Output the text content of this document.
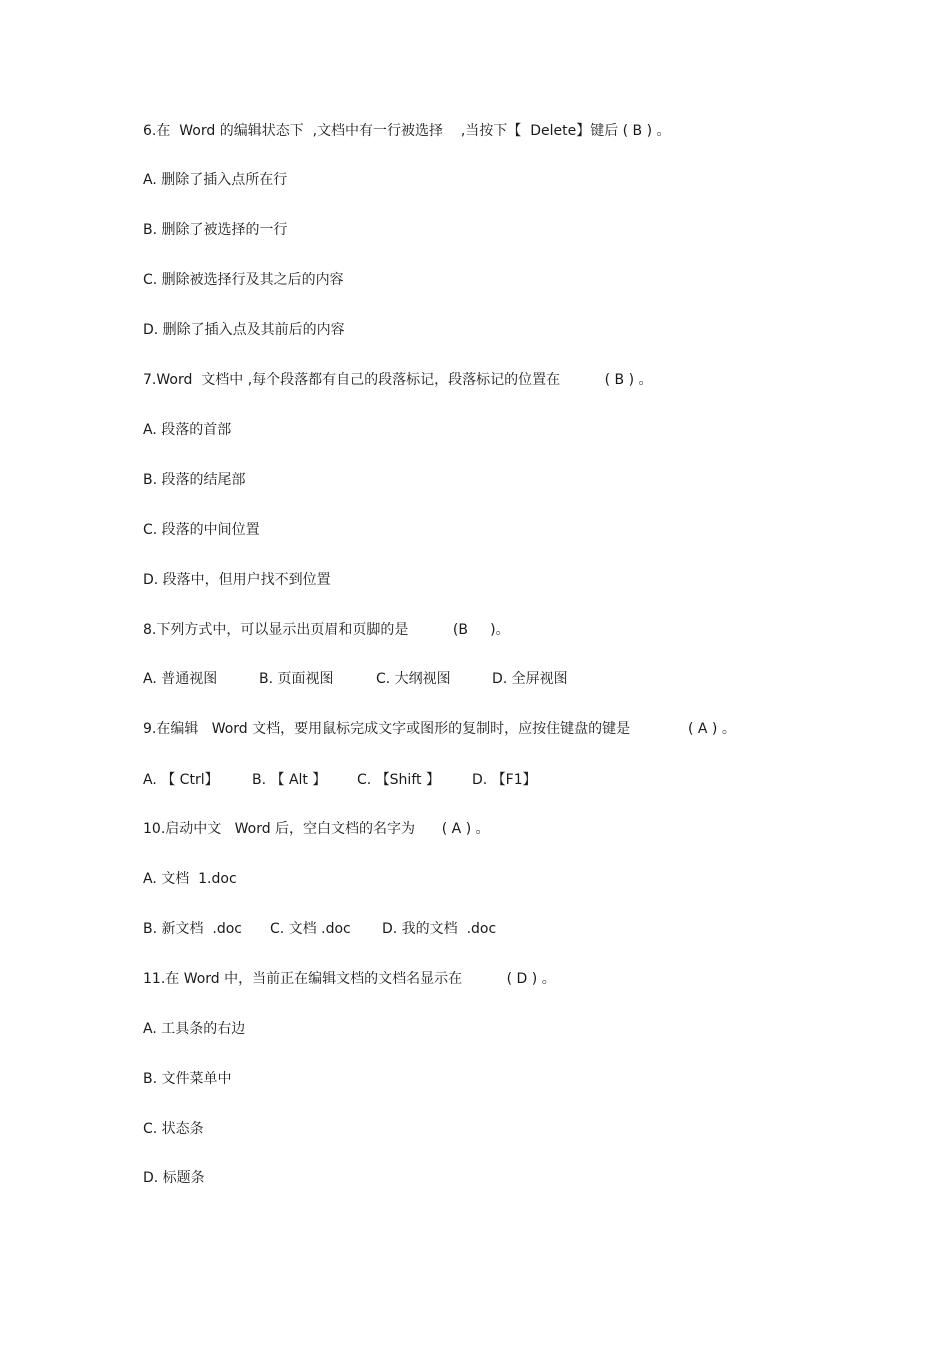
6.在  Word 的编辑状态下  ,文档中有一行被选择    ,当按下【  Delete】键后 ( B ) 。
A. 删除了插入点所在行
B. 删除了被选择的一行
C. 删除被选择行及其之后的内容
D. 删除了插入点及其前后的内容
7.Word  文档中 ,每个段落都有自己的段落标记，段落标记的位置在          ( B ) 。
A. 段落的首部
B. 段落的结尾部
C. 段落的中间位置
D. 段落中，但用户找不到位置
8.下列方式中，可以显示出页眉和页脚的是          (B     )。

A. 普通视图

	B. 页面视图

	C. 大纲视图

	D. 全屏视图

9.在编辑   Word 文档，要用鼠标完成文字或图形的复制时，应按住键盘的键是             ( A ) 。

A. 【 Ctrl】

B. 【 Alt 】

C. 【Shift 】

D. 【F1】

10.启动中文   Word 后，空白文档的名字为      ( A ) 。
A. 文档  1.doc

B. 新文档  .doc

C. 文档 .doc

D. 我的文档  .doc

11.在 Word 中，当前正在编辑文档的文档名显示在          ( D ) 。
A. 工具条的右边
B. 文件菜单中
C. 状态条
D. 标题条
